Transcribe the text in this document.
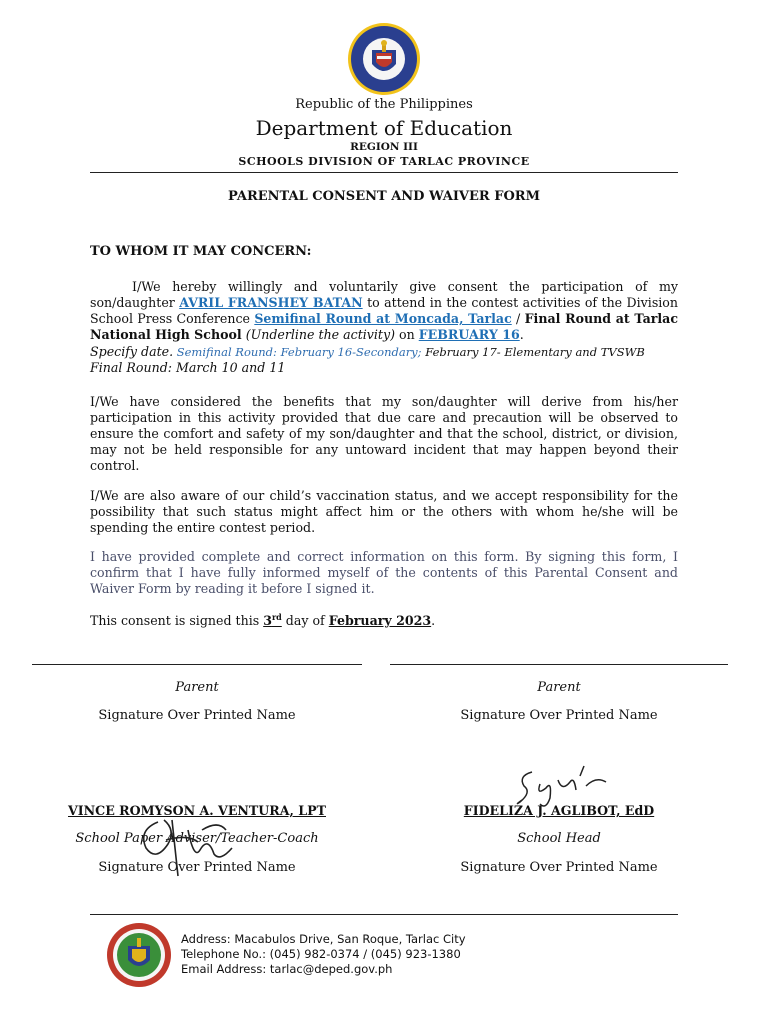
Republic of the Philippines
Department of Education
REGION III
SCHOOLS DIVISION OF TARLAC PROVINCE
PARENTAL CONSENT AND WAIVER FORM
TO WHOM IT MAY CONCERN:
I/We hereby willingly and voluntarily give consent the participation of my son/daughter AVRIL FRANSHEY BATAN to attend in the contest activities of the Division School Press Conference Semifinal Round at Moncada, Tarlac / Final Round at Tarlac National High School (Underline the activity) on FEBRUARY 16.
Specify date. Semifinal Round: February 16-Secondary; February 17- Elementary and TVSWB
Final Round: March 10 and 11
I/We have considered the benefits that my son/daughter will derive from his/her participation in this activity provided that due care and precaution will be observed to ensure the comfort and safety of my son/daughter and that the school, district, or division, may not be held responsible for any untoward incident that may happen beyond their control.
I/We are also aware of our child’s vaccination status, and we accept responsibility for the possibility that such status might affect him or the others with whom he/she will be spending the entire contest period.
I have provided complete and correct information on this form. By signing this form, I confirm that I have fully informed myself of the contents of this Parental Consent and Waiver Form by reading it before I signed it.
This consent is signed this 3rd day of February 2023.
Parent	Parent
Signature Over Printed Name	Signature Over Printed Name
VINCE ROMYSON A. VENTURA, LPT	FIDELIZA J. AGLIBOT, EdD
School Paper Adviser/Teacher-Coach	School Head
Signature Over Printed Name	Signature Over Printed Name
Address: Macabulos Drive, San Roque, Tarlac City
Telephone No.: (045) 982-0374 / (045) 923-1380
Email Address: tarlac@deped.gov.ph
